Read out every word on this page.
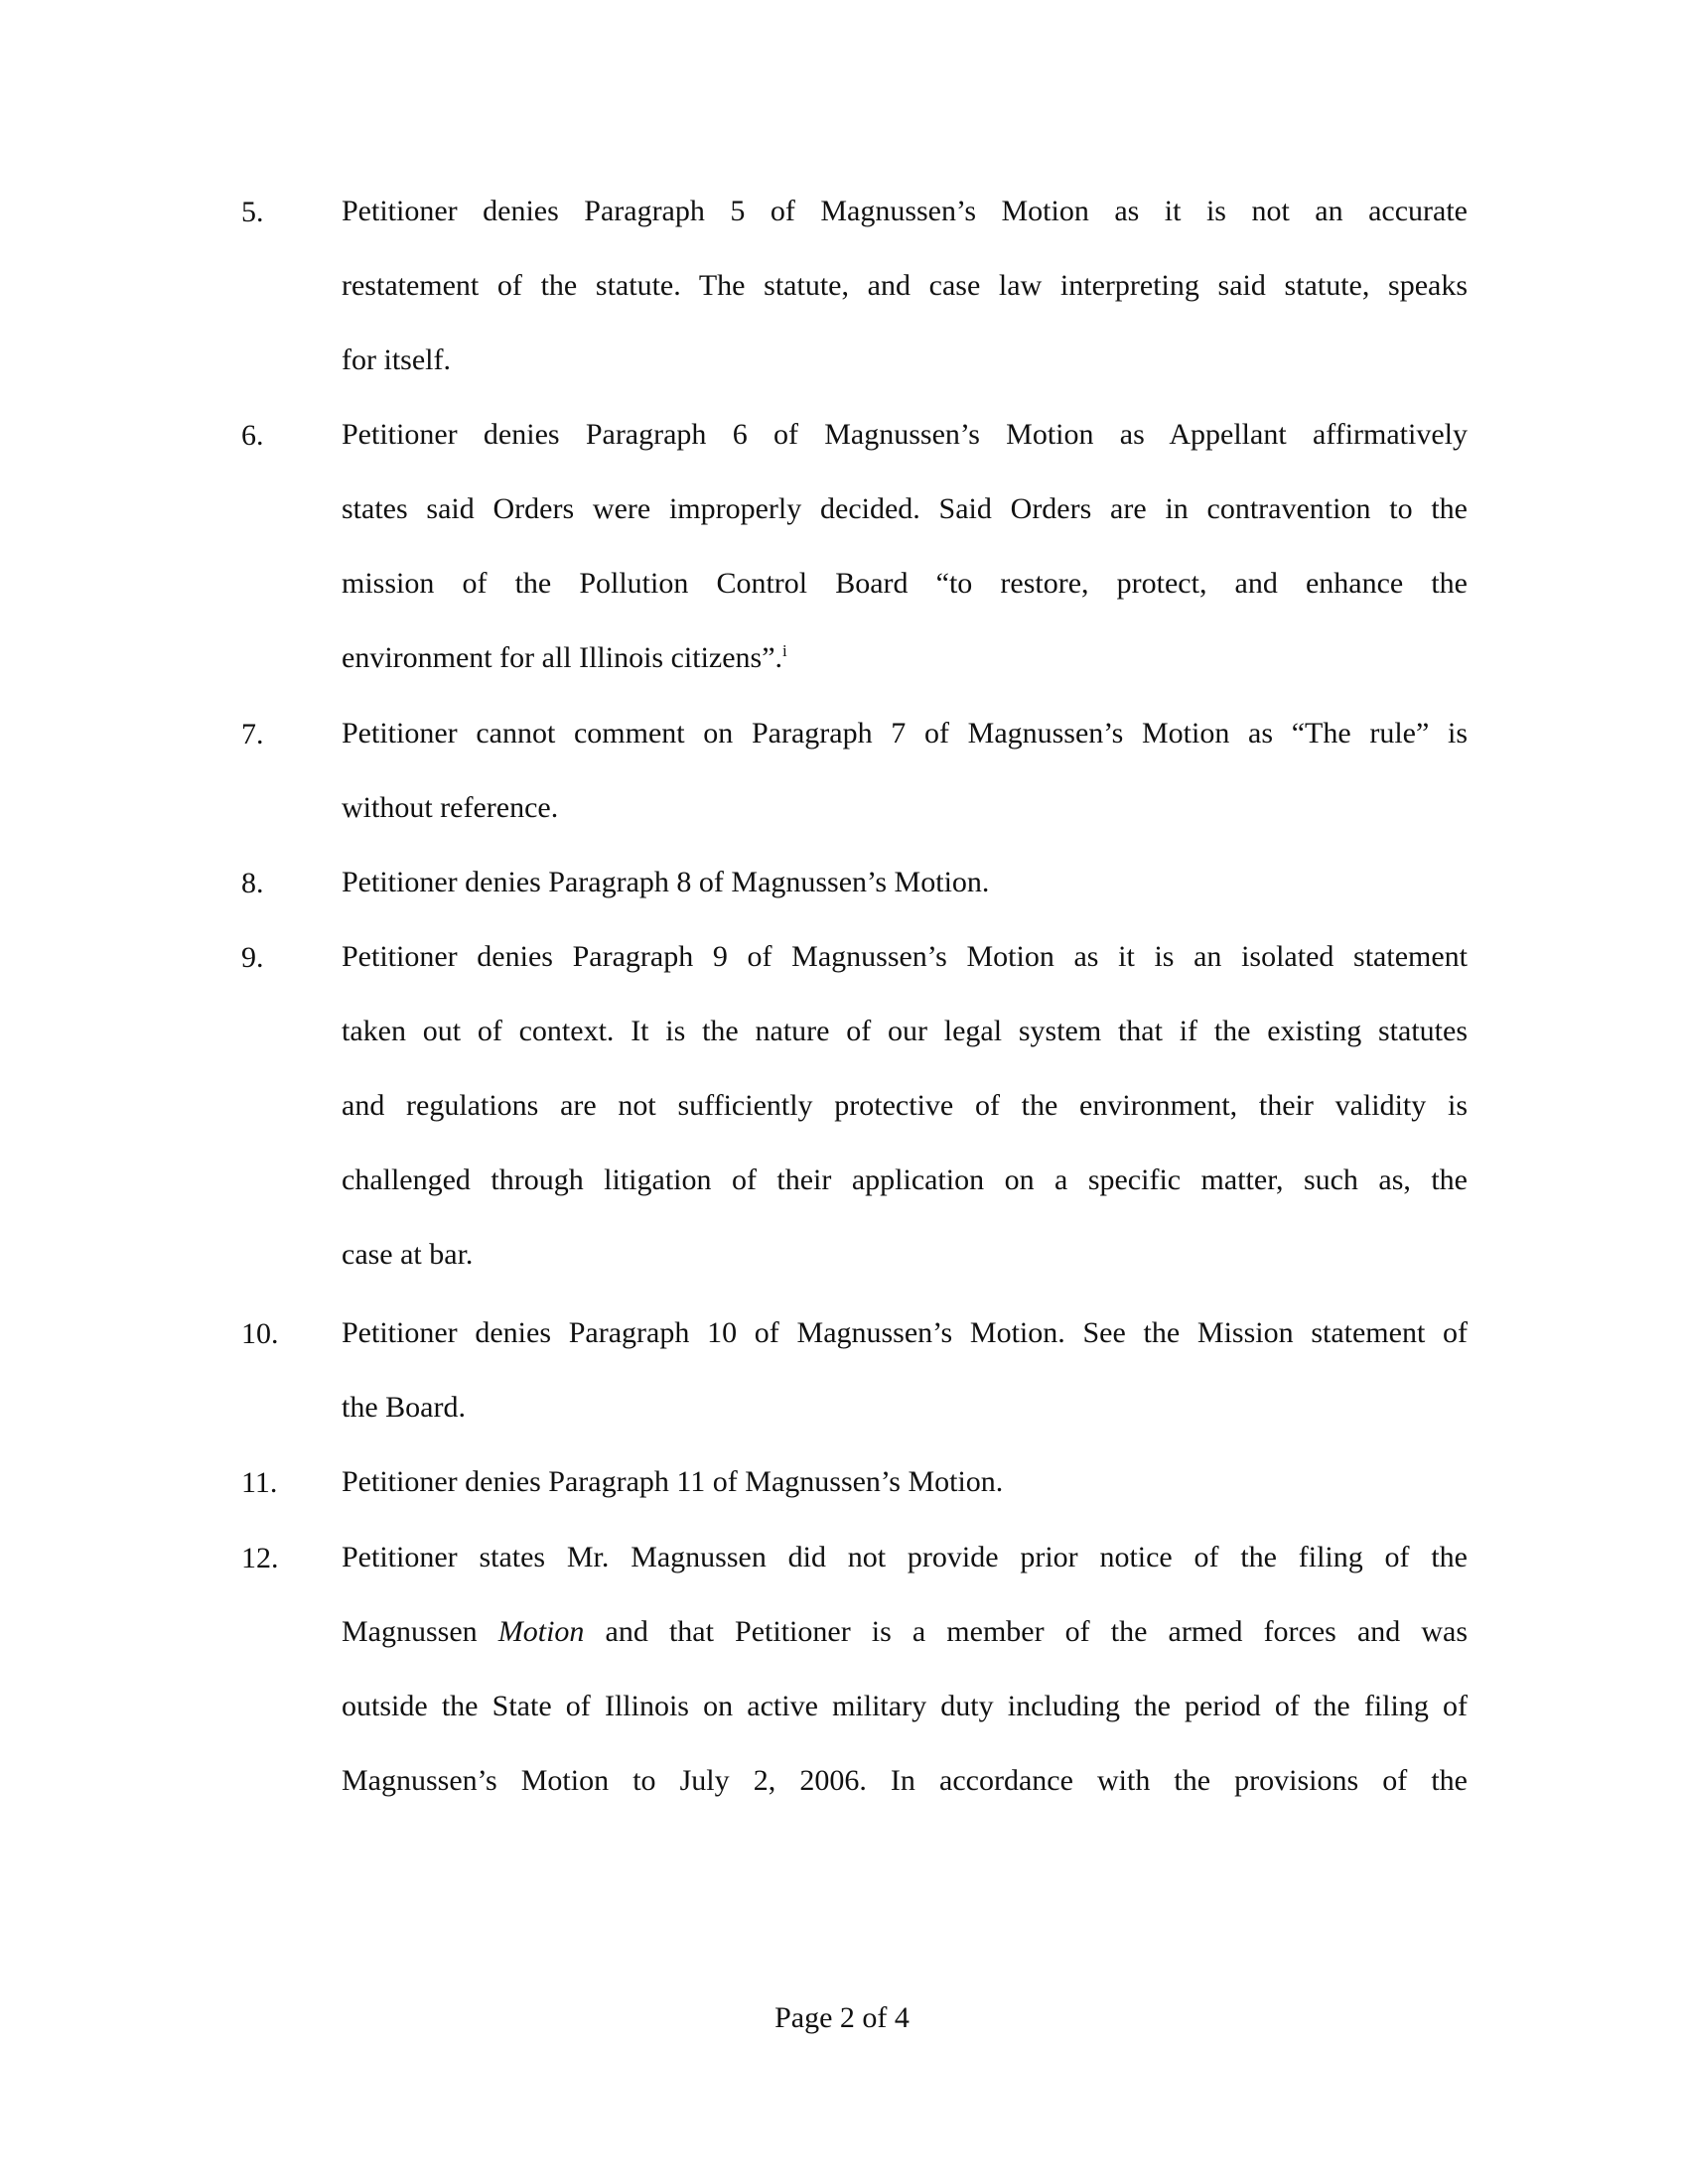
5.	Petitioner denies Paragraph 5 of Magnussen’s Motion as it is not an accurate
restatement of the statute. The statute, and case law interpreting said statute, speaks
for itself.
6.	Petitioner denies Paragraph 6 of Magnussen’s Motion as Appellant affirmatively
states said Orders were improperly decided. Said Orders are in contravention to the
mission of the Pollution Control Board “to restore, protect, and enhance the
environment for all Illinois citizens”.$^i$
7.	Petitioner cannot comment on Paragraph 7 of Magnussen’s Motion as “The rule” is
without reference.
8.	Petitioner denies Paragraph 8 of Magnussen’s Motion.
9.	Petitioner denies Paragraph 9 of Magnussen’s Motion as it is an isolated statement
taken out of context. It is the nature of our legal system that if the existing statutes
and regulations are not sufficiently protective of the environment, their validity is
challenged through litigation of their application on a specific matter, such as, the
case at bar.
10. Petitioner denies Paragraph 10 of Magnussen’s Motion. See the Mission statement of
the Board.
11. Petitioner denies Paragraph 11 of Magnussen’s Motion.
12. Petitioner states Mr. Magnussen did not provide prior notice of the filing of the
Magnussen Motion and that Petitioner is a member of the armed forces and was
outside the State of Illinois on active military duty including the period of the filing of
Magnussen’s Motion to July 2, 2006. In accordance with the provisions of the
Page 2 of 4
